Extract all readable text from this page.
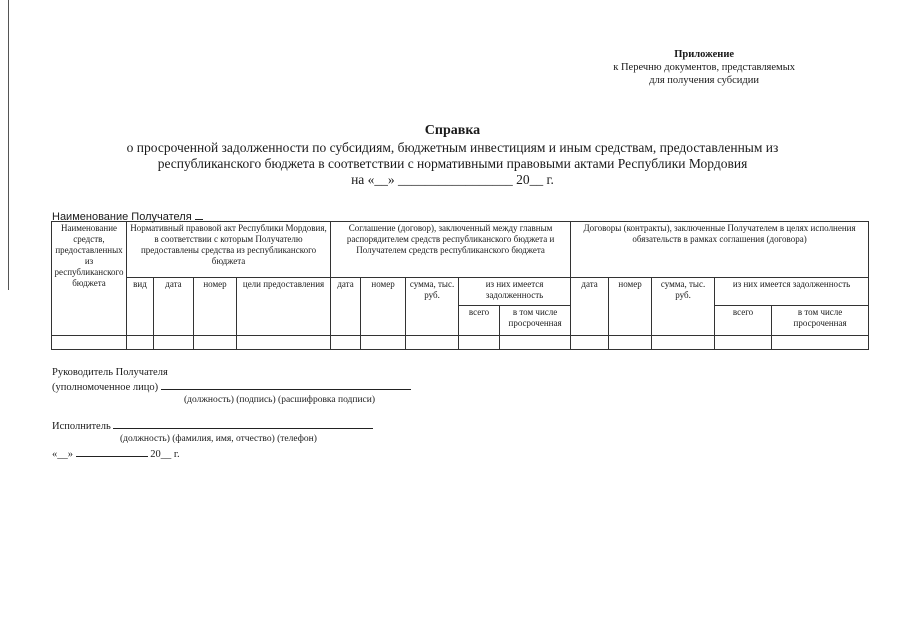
Приложение
к Перечню документов, представляемых
для получения субсидии
Справка
о просроченной задолженности по субсидиям, бюджетным инвестициям и иным средствам, предоставленным из
республиканского бюджета в соответствии с нормативными правовыми актами Республики Мордовия
на «__» _________________ 20__ г.
Наименование Получателя
Наименование средств, предоставленных из республиканского бюджета	Нормативный правовой акт Республики Мордовия, в соответствии с которым Получателю предоставлены средства из республиканского бюджета				Соглашение (договор), заключенный между главным распорядителем средств республиканского бюджета и Получателем средств республиканского бюджета					Договоры (контракты), заключенные Получателем в целях исполнения обязательств в рамках соглашения (договора)				
	вид	дата	номер	цели предоставления	дата	номер	сумма, тыс. руб.	из них имеется задолженность		дата	номер	сумма, тыс. руб.	из них имеется задолженность	
								всего	в том числе просроченная				всего	в том числе просроченная

Руководитель Получателя
(уполномоченное лицо)
(должность) (подпись) (расшифровка подписи)
Исполнитель
(должность) (фамилия, имя, отчество) (телефон)
«__»	20__ г.
